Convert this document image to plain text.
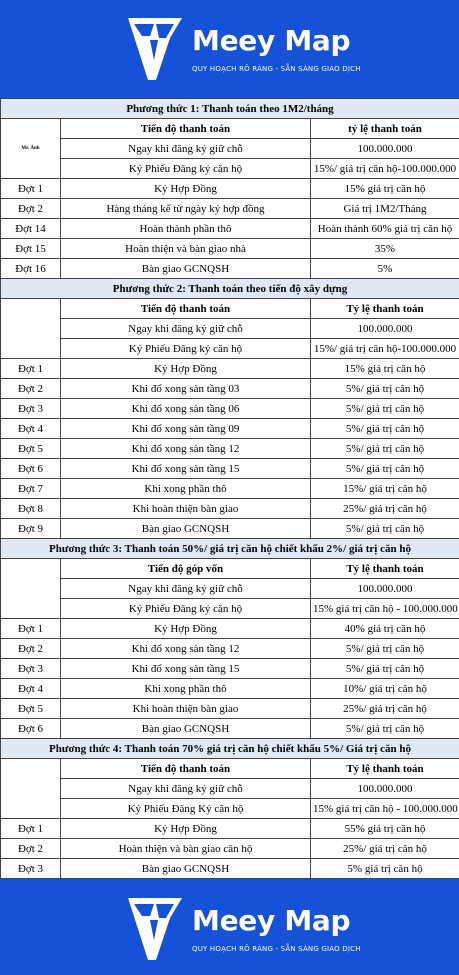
Meey Map
QUY HOẠCH RÕ RÀNG - SẴN SÀNG GIAO DỊCH
Phương thức 1: Thanh toán theo 1M2/tháng		
Mr. Ảnh	Tiến độ thanh toán	tỷ lệ thanh toán
	Ngay khi đăng ký giữ chỗ	100.000.000
	Ký Phiếu Đăng ký căn hộ	15%/ giá trị căn hộ-100.000.000
Đợt 1	Ký Hợp Đồng	15% giá trị căn hộ
Đợt 2	Hàng tháng kể từ ngày ký hợp đồng	Giá trị 1M2/Tháng
Đợt 14	Hoàn thành phần thô	Hoàn thành 60% giá trị căn hộ
Đợt 15	Hoàn thiện và bàn giao nhà	35%
Đợt 16	Bàn giao GCNQSH	5%
Phương thức 2: Thanh toán theo tiến độ xây dựng		
	Tiến độ thanh toán	Tỷ lệ thanh toán
	Ngay khi đăng ký giữ chỗ	100.000.000
	Ký Phiếu Đăng ký căn hộ	15%/ giá trị căn hộ-100.000.000
Đợt 1	Ký Hợp Đồng	15% giá trị căn hộ
Đợt 2	Khi đổ xong sàn tầng 03	5%/ giá trị căn hộ
Đợt 3	Khi đổ xong sàn tầng 06	5%/ giá trị căn hộ
Đợt 4	Khi đổ xong sàn tầng 09	5%/ giá trị căn hộ
Đợt 5	Khi đổ xong sàn tầng 12	5%/ giá trị căn hộ
Đợt 6	Khi đổ xong sàn tầng 15	5%/ giá trị căn hộ
Đợt 7	Khi xong phần thô	15%/ giá trị căn hộ
Đợt 8	Khi hoàn thiện bàn giao	25%/ giá trị căn hộ
Đợt 9	Bàn giao GCNQSH	5%/ giá trị căn hộ
Phương thức 3: Thanh toán 50%/ giá trị căn hộ chiết khấu 2%/ giá trị căn hộ		
	Tiến độ góp vốn	Tỷ lệ thanh toán
	Ngay khi đăng ký giữ chỗ	100.000.000
	Ký Phiếu Đăng ký căn hộ	15% giá trị căn hộ - 100.000.000
Đợt 1	Ký Hợp Đồng	40% giá trị căn hộ
Đợt 2	Khi đổ xong sàn tầng 12	5%/ giá trị căn hộ
Đợt 3	Khi đổ xong sàn tầng 15	5%/ giá trị căn hộ
Đợt 4	Khi xong phần thô	10%/ giá trị căn hộ
Đợt 5	Khi hoàn thiện bàn giao	25%/ giá trị căn hộ
Đợt 6	Bàn giao GCNQSH	5%/ giá trị căn hộ
Phương thức 4: Thanh toán 70% giá trị căn hộ chiết khấu 5%/ Giá trị căn hộ		
	Tiến độ thanh toán	Tỷ lệ thanh toán
	Ngay khi đăng ký giữ chỗ	100.000.000
	Ký Phiếu Đăng Ký căn hộ	15% giá trị căn hộ - 100.000.000
Đợt 1	Ký Hợp Đồng	55% giá trị căn hộ
Đợt 2	Hoàn thiện và bàn giao căn hộ	25%/ giá trị căn hộ
Đợt 3	Bàn giao GCNQSH	5% giá trị căn hộ
Meey Map
QUY HOẠCH RÕ RÀNG - SẴN SÀNG GIAO DỊCH
